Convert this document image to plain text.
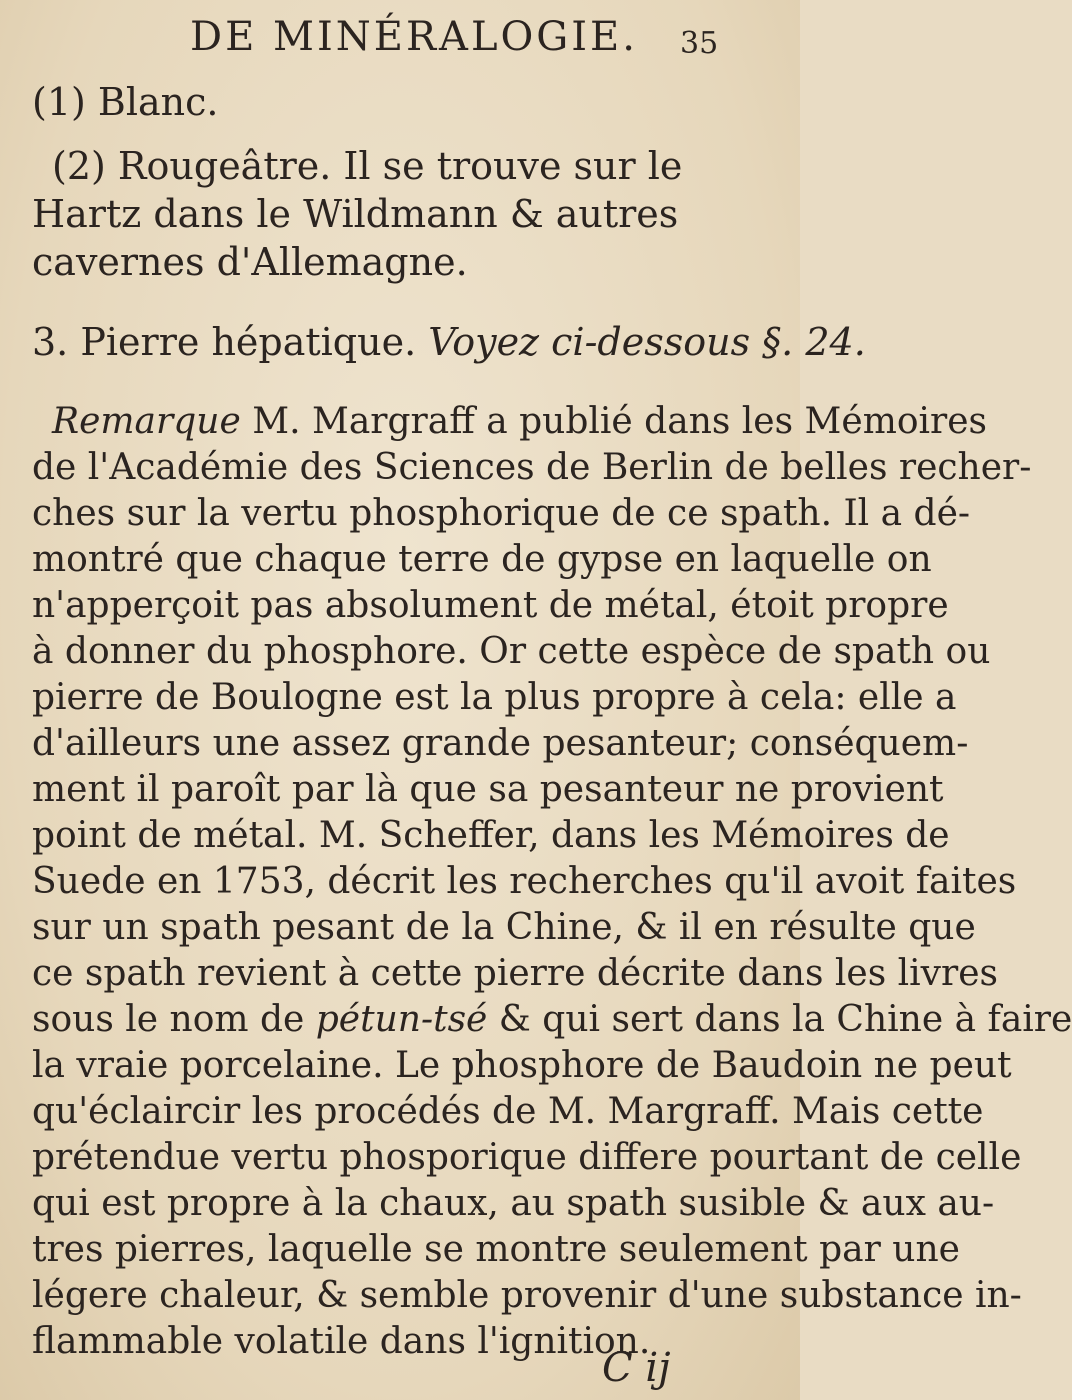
DE MINÉRALOGIE. 35
(1) Blanc.
(2) Rougeâtre. Il se trouve sur le
Hartz dans le Wildmann & autres
cavernes d'Allemagne.
3. Pierre hépatique. Voyez ci-dessous §. 24.
Remarque M. Margraff a publié dans les Mémoires
de l'Académie des Sciences de Berlin de belles recher-
ches sur la vertu phosphorique de ce spath. Il a dé-
montré que chaque terre de gypse en laquelle on
n'apperçoit pas absolument de métal, étoit propre
à donner du phosphore. Or cette espèce de spath ou
pierre de Boulogne est la plus propre à cela: elle a
d'ailleurs une assez grande pesanteur; conséquem-
ment il paroît par là que sa pesanteur ne provient
point de métal. M. Scheffer, dans les Mémoires de
Suede en 1753, décrit les recherches qu'il avoit faites
sur un spath pesant de la Chine, & il en résulte que
ce spath revient à cette pierre décrite dans les livres
sous le nom de pétun-tsé & qui sert dans la Chine à faire
la vraie porcelaine. Le phosphore de Baudoin ne peut
qu'éclaircir les procédés de M. Margraff. Mais cette
prétendue vertu phosporique differe pourtant de celle
qui est propre à la chaux, au spath susible & aux au-
tres pierres, laquelle se montre seulement par une
légere chaleur, & semble provenir d'une substance in-
flammable volatile dans l'ignition.
C ij
